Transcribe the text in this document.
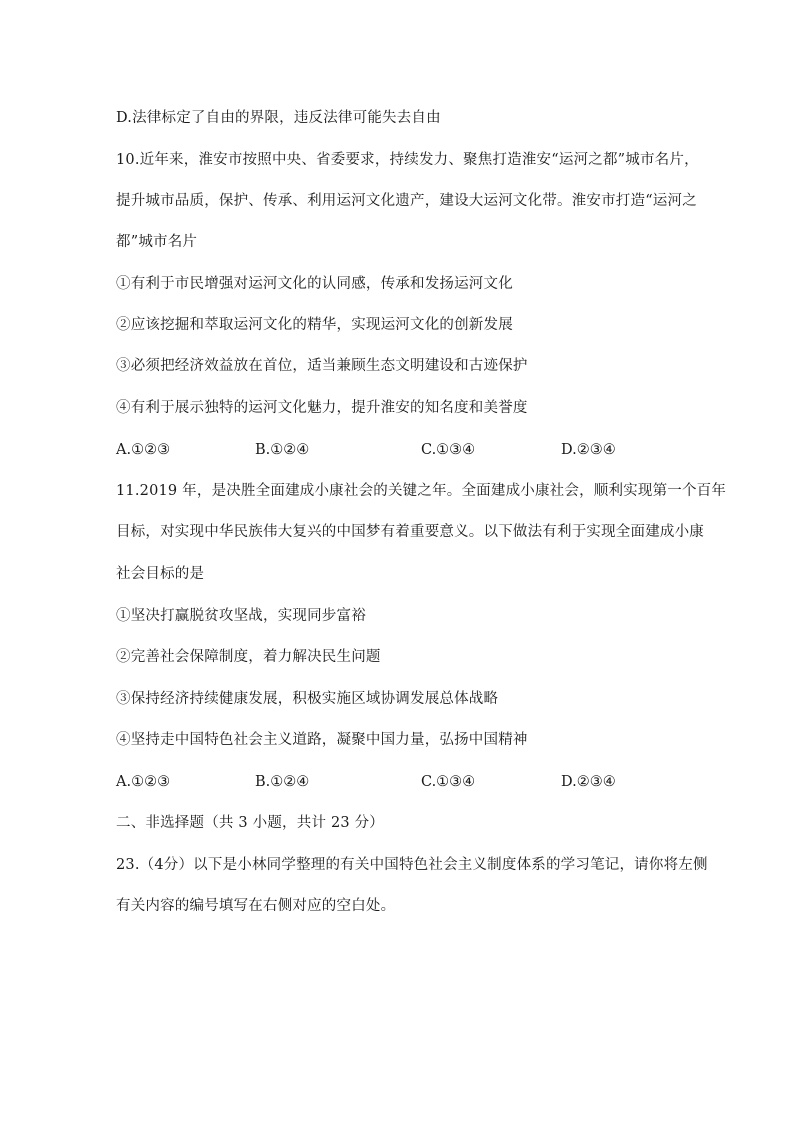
D.法律标定了自由的界限，违反法律可能失去自由
10.近年来，淮安市按照中央、省委要求，持续发力、聚焦打造淮安“运河之都”城市名片，
提升城市品质，保护、传承、利用运河文化遗产，建设大运河文化带。淮安市打造“运河之
都”城市名片
①有利于市民增强对运河文化的认同感，传承和发扬运河文化
②应该挖掘和萃取运河文化的精华，实现运河文化的创新发展
③必须把经济效益放在首位，适当兼顾生态文明建设和古迹保护
④有利于展示独特的运河文化魅力，提升淮安的知名度和美誉度
A.①②③	B.①②④	C.①③④	D.②③④
11.2019 年，是决胜全面建成小康社会的关键之年。全面建成小康社会，顺利实现第一个百年
目标，对实现中华民族伟大复兴的中国梦有着重要意义。以下做法有利于实现全面建成小康
社会目标的是
①坚决打赢脱贫攻坚战，实现同步富裕
②完善社会保障制度，着力解决民生问题
③保持经济持续健康发展，积极实施区域协调发展总体战略
④坚持走中国特色社会主义道路，凝聚中国力量，弘扬中国精神
A.①②③	B.①②④	C.①③④	D.②③④
二、非选择题（共 3 小题，共计 23 分）
23.（4分）以下是小林同学整理的有关中国特色社会主义制度体系的学习笔记，请你将左侧
有关内容的编号填写在右侧对应的空白处。
